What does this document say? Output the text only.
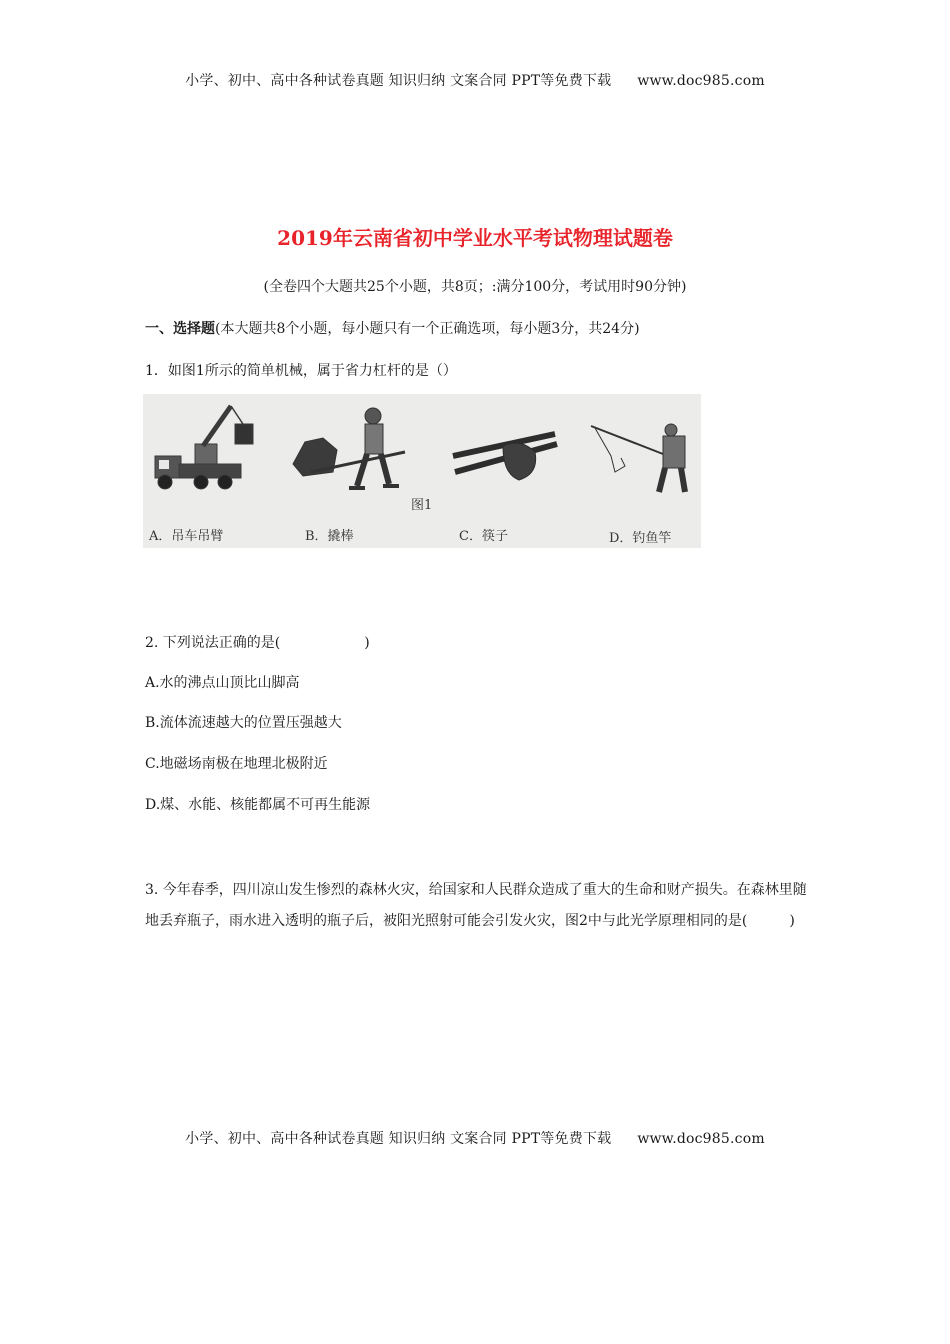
小学、初中、高中各种试卷真题 知识归纳 文案合同 PPT等免费下载 www.doc985.com
2019年云南省初中学业水平考试物理试题卷
(全卷四个大题共25个小题，共8页；:满分100分，考试用时90分钟)
一、选择题(本大题共8个小题，每小题只有一个正确选项，每小题3分，共24分)
1．如图1所示的简单机械，属于省力杠杆的是（）
图1
A．吊车吊臂	B．撬棒	C．筷子	D．钓鱼竿
2. 下列说法正确的是(　　　　　　)
A.水的沸点山顶比山脚高
B.流体流速越大的位置压强越大
C.地磁场南极在地理北极附近
D.煤、水能、核能都属不可再生能源
3. 今年春季，四川凉山发生惨烈的森林火灾，给国家和人民群众造成了重大的生命和财产损失。在森林里随地丢弃瓶子，雨水进入透明的瓶子后，被阳光照射可能会引发火灾，图2中与此光学原理相同的是(　　　)
小学、初中、高中各种试卷真题 知识归纳 文案合同 PPT等免费下载 www.doc985.com
